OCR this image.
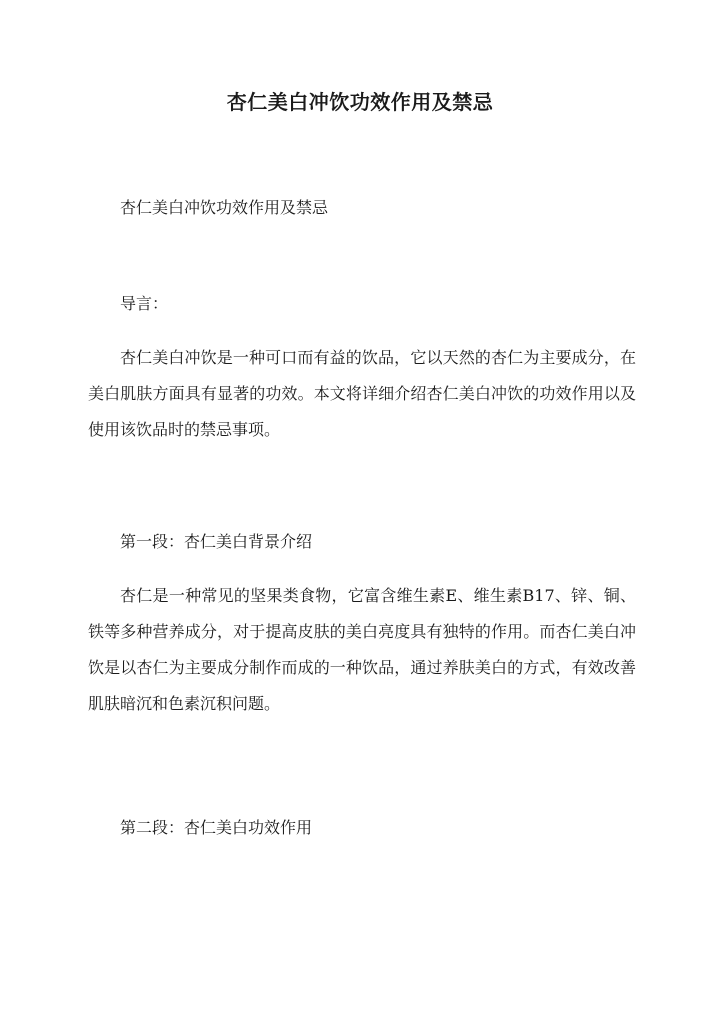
杏仁美白冲饮功效作用及禁忌
杏仁美白冲饮功效作用及禁忌
导言：
杏仁美白冲饮是一种可口而有益的饮品，它以天然的杏仁为主要成分，在美白肌肤方面具有显著的功效。本文将详细介绍杏仁美白冲饮的功效作用以及使用该饮品时的禁忌事项。
第一段：杏仁美白背景介绍
杏仁是一种常见的坚果类食物，它富含维生素E、维生素B17、锌、铜、铁等多种营养成分，对于提高皮肤的美白亮度具有独特的作用。而杏仁美白冲饮是以杏仁为主要成分制作而成的一种饮品，通过养肤美白的方式，有效改善肌肤暗沉和色素沉积问题。
第二段：杏仁美白功效作用
